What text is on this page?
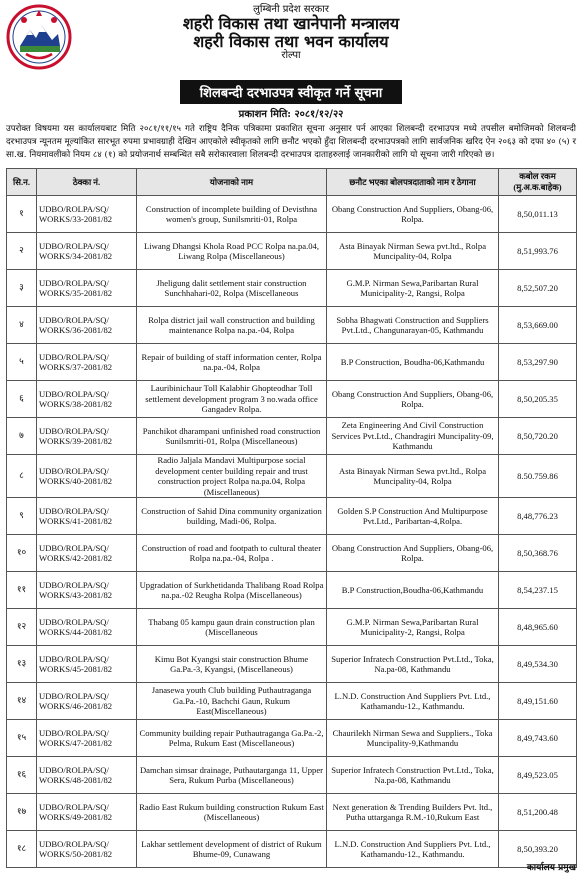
लुम्बिनी प्रदेश सरकार

शहरी विकास तथा खानेपानी मन्त्रालय

शहरी विकास तथा भवन कार्यालय

रोल्पा

शिलबन्दी दरभाउपत्र स्वीकृत गर्ने सूचना
प्रकाशन मिति: २०८१/१२/२२
उपरोक्त विषयमा यस कार्यालयबाट मिति २०८१/११/१५ गते राष्ट्रिय दैनिक पत्रिकामा प्रकाशित सूचना अनुसार पर्न आएका शिलबन्दी दरभाउपत्र मध्ये तपसील बमोजिमको शिलबन्दी दरभाउपत्र न्यूनतम मूल्यांकित सारभूत रुपमा प्रभावग्राही देखिन आएकोले स्वीकृतको लागि छनौट भएको हुँदा शिलबन्दी दरभाउपत्रको लागि सार्वजनिक खरिद ऐन २०६३ को दफा ४० (५) र सा.ख. नियमावलीको नियम ८४ (१) को प्रयोजनार्थ सम्बन्धित सबै सरोकारवाला शिलबन्दी दरभाउपत्र दाताहरुलाई जानकारीको लागि यो सूचना जारी गरिएको छ।
सि.न.	ठेक्का नं.	योजनाको नाम	छनौट भएका बोलपत्रदाताको नाम र ठेगाना	कबोल रकम (मु.अ.क.बाहेक)
१	UDBO/ROLPA/SQ/ WORKS/33-2081/82	Construction of incomplete building of Devisthna women's group, Sunilsmriti-01, Rolpa	Obang Construction And Suppliers, Obang-06, Rolpa.	8,50,011.13
२	UDBO/ROLPA/SQ/ WORKS/34-2081/82	Liwang Dhangsi Khola Road PCC Rolpa na.pa.04, Liwang Rolpa (Miscellaneous)	Asta Binayak Nirman Sewa pvt.ltd., Rolpa Muncipality-04, Rolpa	8,51,993.76
३	UDBO/ROLPA/SQ/ WORKS/35-2081/82	Jheligung dalit settlement stair construction Sunchhahari-02, Rolpa (Miscellaneous	G.M.P. Nirman Sewa,Paribartan Rural Municipality-2, Rangsi, Rolpa	8,52,507.20
४	UDBO/ROLPA/SQ/ WORKS/36-2081/82	Rolpa district jail wall construction and building maintenance Rolpa na.pa.-04, Rolpa	Sobha Bhagwati Construction and Suppliers Pvt.Ltd., Changunarayan-05, Kathmandu	8,53,669.00
५	UDBO/ROLPA/SQ/ WORKS/37-2081/82	Repair of building of staff information center, Rolpa na.pa.-04, Rolpa	B.P Construction, Boudha-06,Kathmandu	8,53,297.90
६	UDBO/ROLPA/SQ/ WORKS/38-2081/82	Lauribinichaur Toll Kalabhir Ghopteodhar Toll settlement development program 3 no.wada office Gangadev Rolpa.	Obang Construction And Suppliers, Obang-06, Rolpa.	8,50,205.35
७	UDBO/ROLPA/SQ/ WORKS/39-2081/82	Panchikot dharampani unfinished road construction Sunilsmriti-01, Rolpa (Miscellaneous)	Zeta Engineering And Civil Construction Services Pvt.Ltd., Chandragiri Muncipality-09, Kathmandu	8,50,720.20
८	UDBO/ROLPA/SQ/ WORKS/40-2081/82	Radio Jaljala Mandavi Multipurpose social development center building repair and trust construction project Rolpa na.pa.04, Rolpa (Miscellaneous)	Asta Binayak Nirman Sewa pvt.ltd., Rolpa Muncipality-04, Rolpa	8.50.759.86
९	UDBO/ROLPA/SQ/ WORKS/41-2081/82	Construction of Sahid Dina community organization building, Madi-06, Rolpa.	Golden S.P Construction And Multipurpose Pvt.Ltd., Paribartan-4,Rolpa.	8,48,776.23
१०	UDBO/ROLPA/SQ/ WORKS/42-2081/82	Construction of road and footpath to cultural theater Rolpa na.pa.-04, Rolpa .	Obang Construction And Suppliers, Obang-06, Rolpa.	8,50,368.76
११	UDBO/ROLPA/SQ/ WORKS/43-2081/82	Upgradation of Surkhetidanda Thalibang Road Rolpa na.pa.-02 Reugha Rolpa (Miscellaneous)	B.P Construction,Boudha-06,Kathmandu	8,54,237.15
१२	UDBO/ROLPA/SQ/ WORKS/44-2081/82	Thabang 05 kampu gaun drain construction plan (Miscellaneous	G.M.P. Nirman Sewa,Paribartan Rural Municipality-2, Rangsi, Rolpa	8,48,965.60
१३	UDBO/ROLPA/SQ/ WORKS/45-2081/82	Kimu Bot Kyangsi stair construction Bhume Ga.Pa.-3, Kyangsi, (Miscellaneous)	Superior Infratech Construction Pvt.Ltd., Toka, Na.pa-08, Kathmandu	8,49,534.30
१४	UDBO/ROLPA/SQ/ WORKS/46-2081/82	Janasewa youth Club building Puthautraganga Ga.Pa.-10, Bachchi Gaun, Rukum East(Miscellaneous)	L.N.D. Construction And Suppliers Pvt. Ltd., Kathamandu-12., Kathmandu.	8,49,151.60
१५	UDBO/ROLPA/SQ/ WORKS/47-2081/82	Community building repair Puthautraganga Ga.Pa.-2, Pelma, Rukum East (Miscellaneous)	Chaurilekh Nirman Sewa and Suppliers., Toka Muncipality-9,Kathmandu	8,49,743.60
१६	UDBO/ROLPA/SQ/ WORKS/48-2081/82	Damchan simsar drainage, Puthautarganga 11, Upper Sera, Rukum Purba (Miscellaneous)	Superior Infratech Construction Pvt.Ltd., Toka, Na.pa-08, Kathmandu	8,49,523.05
१७	UDBO/ROLPA/SQ/ WORKS/49-2081/82	Radio East Rukum building construction Rukum East (Miscellaneous)	Next generation & Trending Builders Pvt. ltd., Putha uttarganga R.M.-10,Rukum East	8,51,200.48
१८	UDBO/ROLPA/SQ/ WORKS/50-2081/82	Lakhar settlement development of district of Rukum Bhume-09, Cunawang	L.N.D. Construction And Suppliers Pvt. Ltd., Kathamandu-12., Kathmandu.	8,50,393.20
कार्यालय प्रमुख
